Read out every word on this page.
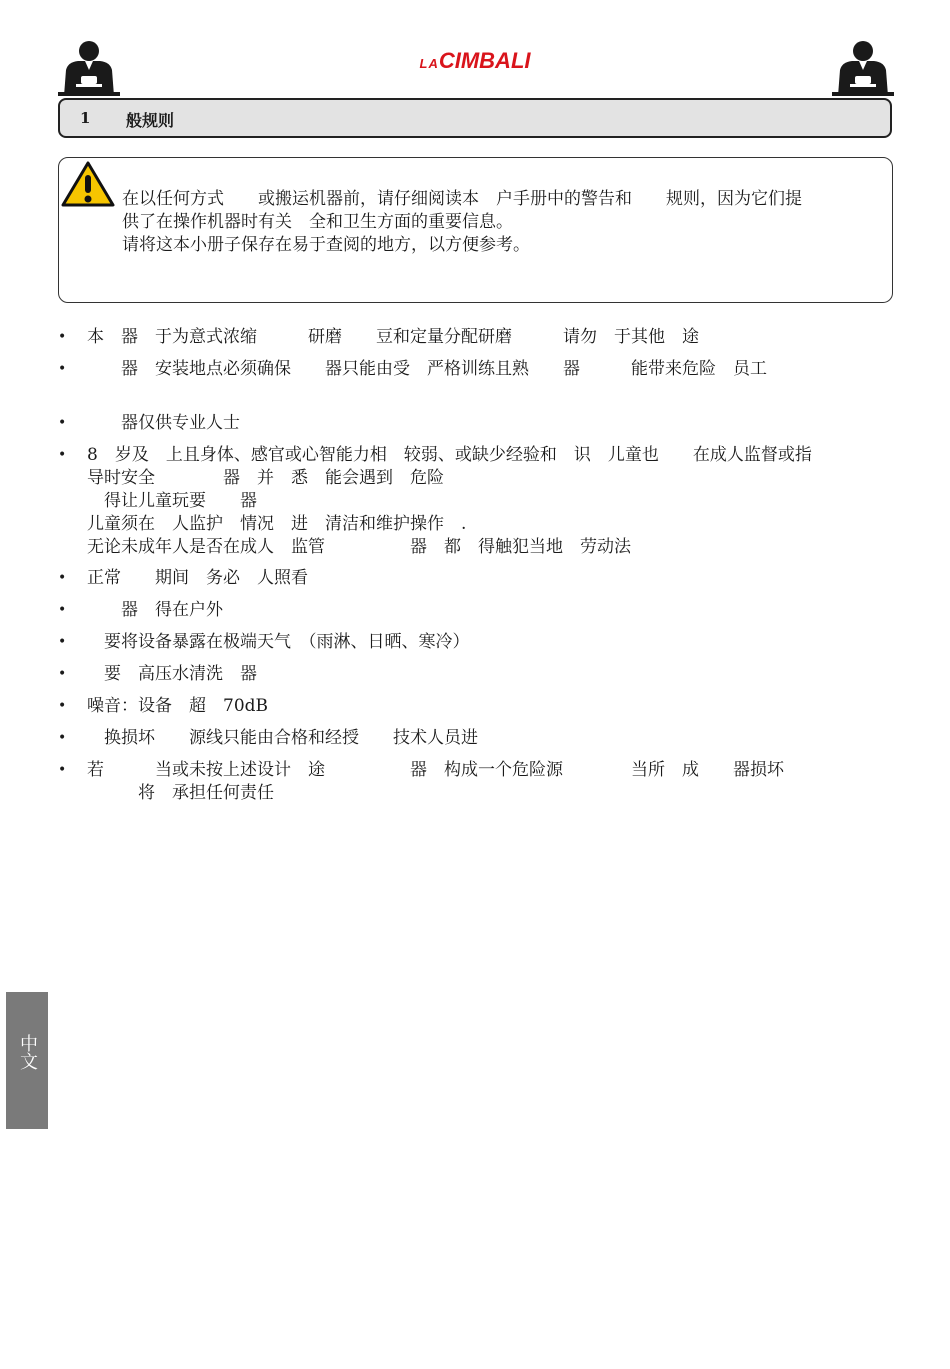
LACIMBALI
1 般规则
在以任何方式　　或搬运机器前，请仔细阅读本　户手册中的警告和　　规则，因为它们提
供了在操作机器时有关　全和卫生方面的重要信息。
请将这本小册子保存在易于查阅的地方，以方便参考。
• 本　器　于为意式浓缩　　　研磨　　豆和定量分配研磨　　　请勿　于其他　途
• 　　器　安装地点必须确保　　器只能由受　严格训练且熟　　器　　　能带来危险　员工
• 　　器仅供专业人士
• 8　岁及　上且身体、感官或心智能力相　较弱、或缺少经验和　识　儿童也　　在成人监督或指
导时安全　　　　器　并　悉　能会遇到　危险
　得让儿童玩要　　器
儿童须在　人监护　情况　进　清洁和维护操作　.
无论未成年人是否在成人　监管　　　　　器　都　得触犯当地　劳动法
• 正常　　期间　务必　人照看
• 　　器　得在户外
• 　要将设备暴露在极端天气　（雨淋、日晒、寒冷）
• 　要　高压水清洗　器
• 噪音：设备　超　70dB
• 　换损坏　　源线只能由合格和经授　　技术人员进
• 若　　　当或未按上述设计　途　　　　　器　构成一个危险源　　　　当所　成　　器损坏
　　　将　承担任何责任
中文
